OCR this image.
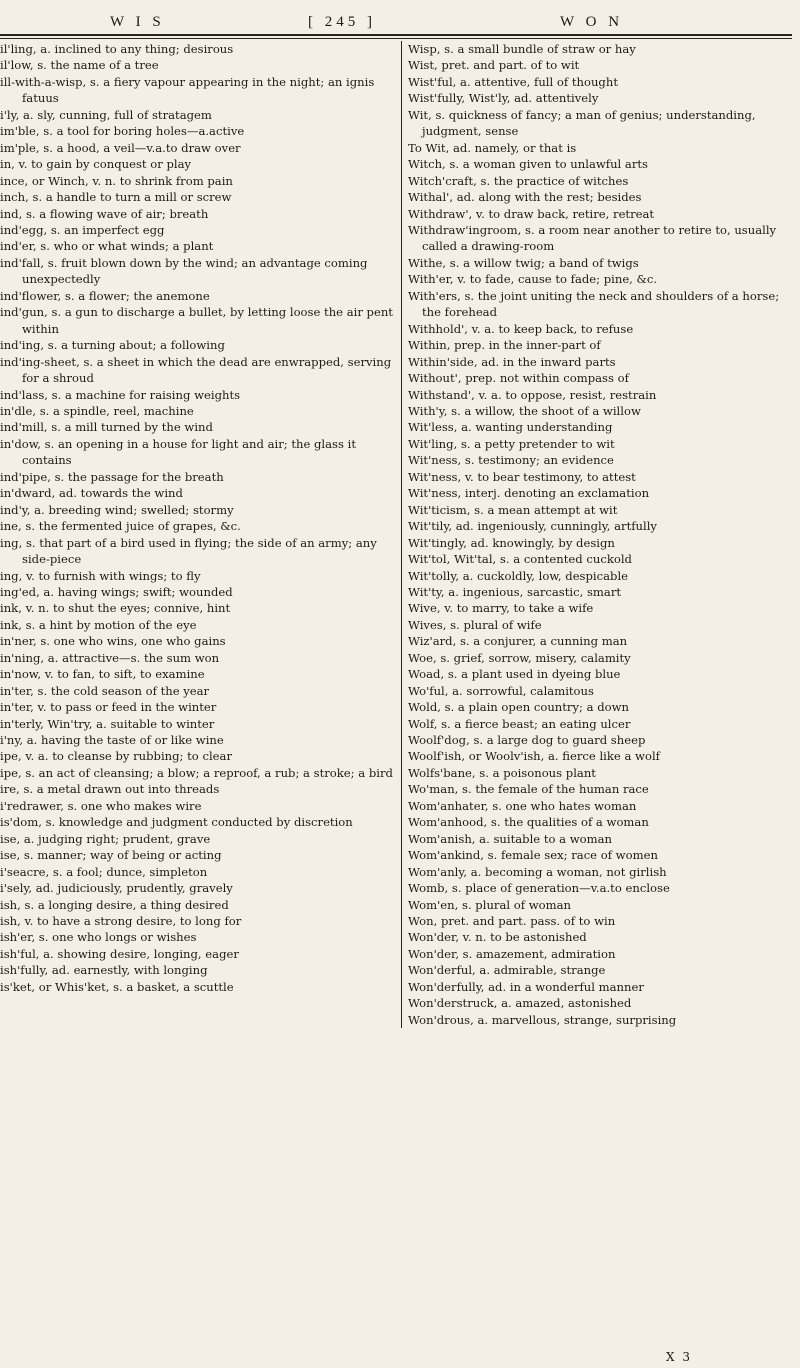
W I S	[ 245 ]	W O N

il'ling, a. inclined to any thing; desirous

il'low, s. the name of a tree

ill-with-a-wisp, s. a fiery vapour appearing in the night; an ignis fatuus

i'ly, a. sly, cunning, full of stratagem

im'ble, s. a tool for boring holes—a.active

im'ple, s. a hood, a veil—v.a.to draw over

in, v. to gain by conquest or play

ince, or Winch, v. n. to shrink from pain

inch, s. a handle to turn a mill or screw

ind, s. a flowing wave of air; breath

ind'egg, s. an imperfect egg

ind'er, s. who or what winds; a plant

ind'fall, s. fruit blown down by the wind; an advantage coming unexpectedly

ind'flower, s. a flower; the anemone

ind'gun, s. a gun to discharge a bullet, by letting loose the air pent within

ind'ing, s. a turning about; a following

ind'ing-sheet, s. a sheet in which the dead are enwrapped, serving for a shroud

ind'lass, s. a machine for raising weights

in'dle, s. a spindle, reel, machine

ind'mill, s. a mill turned by the wind

in'dow, s. an opening in a house for light and air; the glass it contains

ind'pipe, s. the passage for the breath

in'dward, ad. towards the wind

ind'y, a. breeding wind; swelled; stormy

ine, s. the fermented juice of grapes, &c.

ing, s. that part of a bird used in flying; the side of an army; any side-piece

ing, v. to furnish with wings; to fly

ing'ed, a. having wings; swift; wounded

ink, v. n. to shut the eyes; connive, hint

ink, s. a hint by motion of the eye

in'ner, s. one who wins, one who gains

in'ning, a. attractive—s. the sum won

in'now, v. to fan, to sift, to examine

in'ter, s. the cold season of the year

in'ter, v. to pass or feed in the winter

in'terly, Win'try, a. suitable to winter

i'ny, a. having the taste of or like wine

ipe, v. a. to cleanse by rubbing; to clear

ipe, s. an act of cleansing; a blow; a reproof, a rub; a stroke; a bird

ire, s. a metal drawn out into threads

i'redrawer, s. one who makes wire

is'dom, s. knowledge and judgment conducted by discretion

ise, a. judging right; prudent, grave

ise, s. manner; way of being or acting

i'seacre, s. a fool; dunce, simpleton

i'sely, ad. judiciously, prudently, gravely

ish, s. a longing desire, a thing desired

ish, v. to have a strong desire, to long for

ish'er, s. one who longs or wishes

ish'ful, a. showing desire, longing, eager

ish'fully, ad. earnestly, with longing

is'ket, or Whis'ket, s. a basket, a scuttle

Wisp, s. a small bundle of straw or hay

Wist, pret. and part. of to wit

Wist'ful, a. attentive, full of thought

Wist'fully, Wist'ly, ad. attentively

Wit, s. quickness of fancy; a man of genius; understanding, judgment, sense

To Wit, ad. namely, or that is

Witch, s. a woman given to unlawful arts

Witch'craft, s. the practice of witches

Withal', ad. along with the rest; besides

Withdraw', v. to draw back, retire, retreat

Withdraw'ingroom, s. a room near another to retire to, usually called a drawing-room

Withe, s. a willow twig; a band of twigs

With'er, v. to fade, cause to fade; pine, &c.

With'ers, s. the joint uniting the neck and shoulders of a horse; the forehead

Withhold', v. a. to keep back, to refuse

Within, prep. in the inner-part of

Within'side, ad. in the inward parts

Without', prep. not within compass of

Withstand', v. a. to oppose, resist, restrain

With'y, s. a willow, the shoot of a willow

Wit'less, a. wanting understanding

Wit'ling, s. a petty pretender to wit

Wit'ness, s. testimony; an evidence

Wit'ness, v. to bear testimony, to attest

Wit'ness, interj. denoting an exclamation

Wit'ticism, s. a mean attempt at wit

Wit'tily, ad. ingeniously, cunningly, artfully

Wit'tingly, ad. knowingly, by design

Wit'tol, Wit'tal, s. a contented cuckold

Wit'tolly, a. cuckoldly, low, despicable

Wit'ty, a. ingenious, sarcastic, smart

Wive, v. to marry, to take a wife

Wives, s. plural of wife

Wiz'ard, s. a conjurer, a cunning man

Woe, s. grief, sorrow, misery, calamity

Woad, s. a plant used in dyeing blue

Wo'ful, a. sorrowful, calamitous

Wold, s. a plain open country; a down

Wolf, s. a fierce beast; an eating ulcer

Woolf'dog, s. a large dog to guard sheep

Woolf'ish, or Woolv'ish, a. fierce like a wolf

Wolfs'bane, s. a poisonous plant

Wo'man, s. the female of the human race

Wom'anhater, s. one who hates woman

Wom'anhood, s. the qualities of a woman

Wom'anish, a. suitable to a woman

Wom'ankind, s. female sex; race of women

Wom'anly, a. becoming a woman, not girlish

Womb, s. place of generation—v.a.to enclose

Wom'en, s. plural of woman

Won, pret. and part. pass. of to win

Won'der, v. n. to be astonished

Won'der, s. amazement, admiration

Won'derful, a. admirable, strange

Won'derfully, ad. in a wonderful manner

Won'derstruck, a. amazed, astonished

Won'drous, a. marvellous, strange, surprising

X 3
